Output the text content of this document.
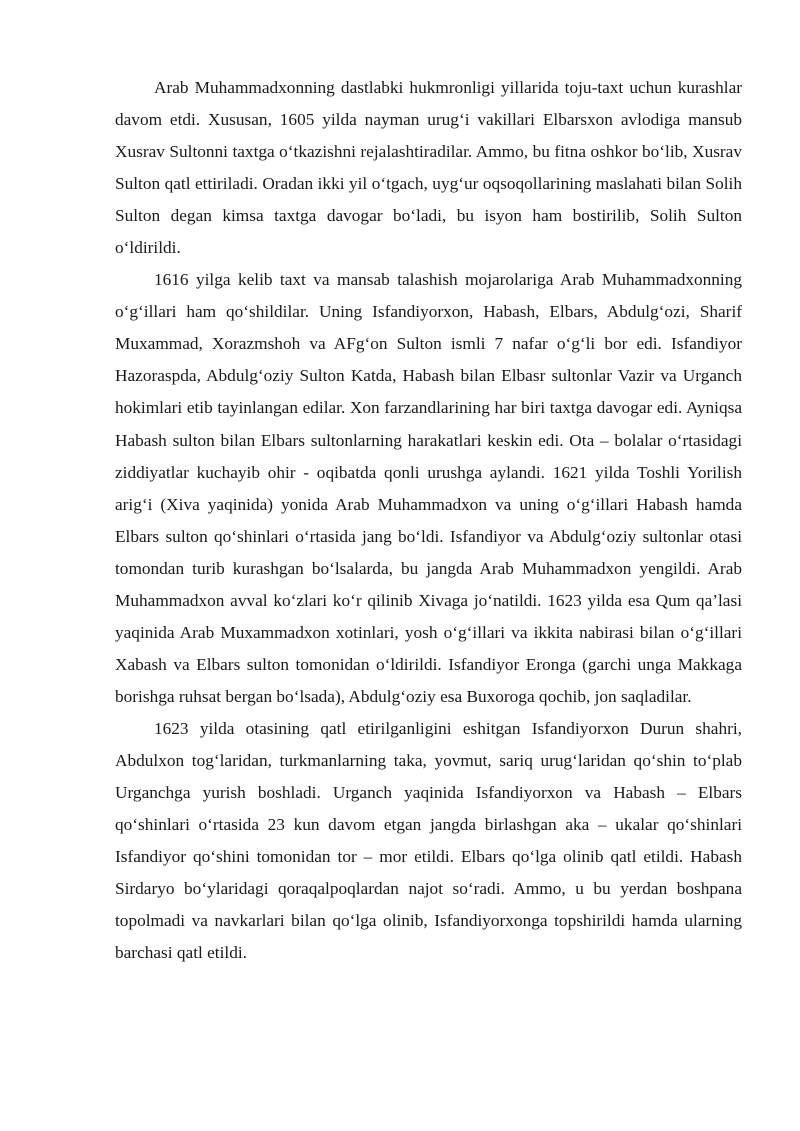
Arab Muhammadxonning dastlabki hukmronligi yillarida toju-taxt uchun kurashlar davom etdi. Xususan, 1605 yilda nayman urug‘i vakillari Elbarsxon avlodiga mansub Xusrav Sultonni taxtga o‘tkazishni rejalashtiradilar. Ammo, bu fitna oshkor bo‘lib, Xusrav Sulton qatl ettiriladi. Oradan ikki yil o‘tgach, uyg‘ur oqsoqollarining maslahati bilan Solih Sulton degan kimsa taxtga davogar bo‘ladi, bu isyon ham bostirilib, Solih Sulton o‘ldirildi.

1616 yilga kelib taxt va mansab talashish mojarolariga Arab Muhammadxonning o‘g‘illari ham qo‘shildilar. Uning Isfandiyorxon, Habash, Elbars, Abdulg‘ozi, Sharif Muxammad, Xorazmshoh va AFg‘on Sulton ismli 7 nafar o‘g‘li bor edi. Isfandiyor Hazoraspda, Abdulg‘oziy Sulton Katda, Habash bilan Elbasr sultonlar Vazir va Urganch hokimlari etib tayinlangan edilar. Xon farzandlarining har biri taxtga davogar edi. Ayniqsa Habash sulton bilan Elbars sultonlarning harakatlari keskin edi. Ota – bolalar o‘rtasidagi ziddiyatlar kuchayib ohir - oqibatda qonli urushga aylandi. 1621 yilda Toshli Yorilish arig‘i (Xiva yaqinida) yonida Arab Muhammadxon va uning o‘g‘illari Habash hamda Elbars sulton qo‘shinlari o‘rtasida jang bo‘ldi. Isfandiyor va Abdulg‘oziy sultonlar otasi tomondan turib kurashgan bo‘lsalarda, bu jangda Arab Muhammadxon yengildi. Arab Muhammadxon avval ko‘zlari ko‘r qilinib Xivaga jo‘natildi. 1623 yilda esa Qum qa’lasi yaqinida Arab Muxammadxon xotinlari, yosh o‘g‘illari va ikkita nabirasi bilan o‘g‘illari Xabash va Elbars sulton tomonidan o‘ldirildi. Isfandiyor Eronga (garchi unga Makkaga borishga ruhsat bergan bo‘lsada), Abdulg‘oziy esa Buxoroga qochib, jon saqladilar.

1623 yilda otasining qatl etirilganligini eshitgan Isfandiyorxon Durun shahri, Abdulxon tog‘laridan, turkmanlarning taka, yovmut, sariq urug‘laridan qo‘shin to‘plab Urganchga yurish boshladi. Urganch yaqinida Isfandiyorxon va Habash – Elbars qo‘shinlari o‘rtasida 23 kun davom etgan jangda birlashgan aka – ukalar qo‘shinlari Isfandiyor qo‘shini tomonidan tor – mor etildi. Elbars qo‘lga olinib qatl etildi. Habash Sirdaryo bo‘ylaridagi qoraqalpoqlardan najot so‘radi. Ammo, u bu yerdan boshpana topolmadi va navkarlari bilan qo‘lga olinib, Isfandiyorxonga topshirildi hamda ularning barchasi qatl etildi.
